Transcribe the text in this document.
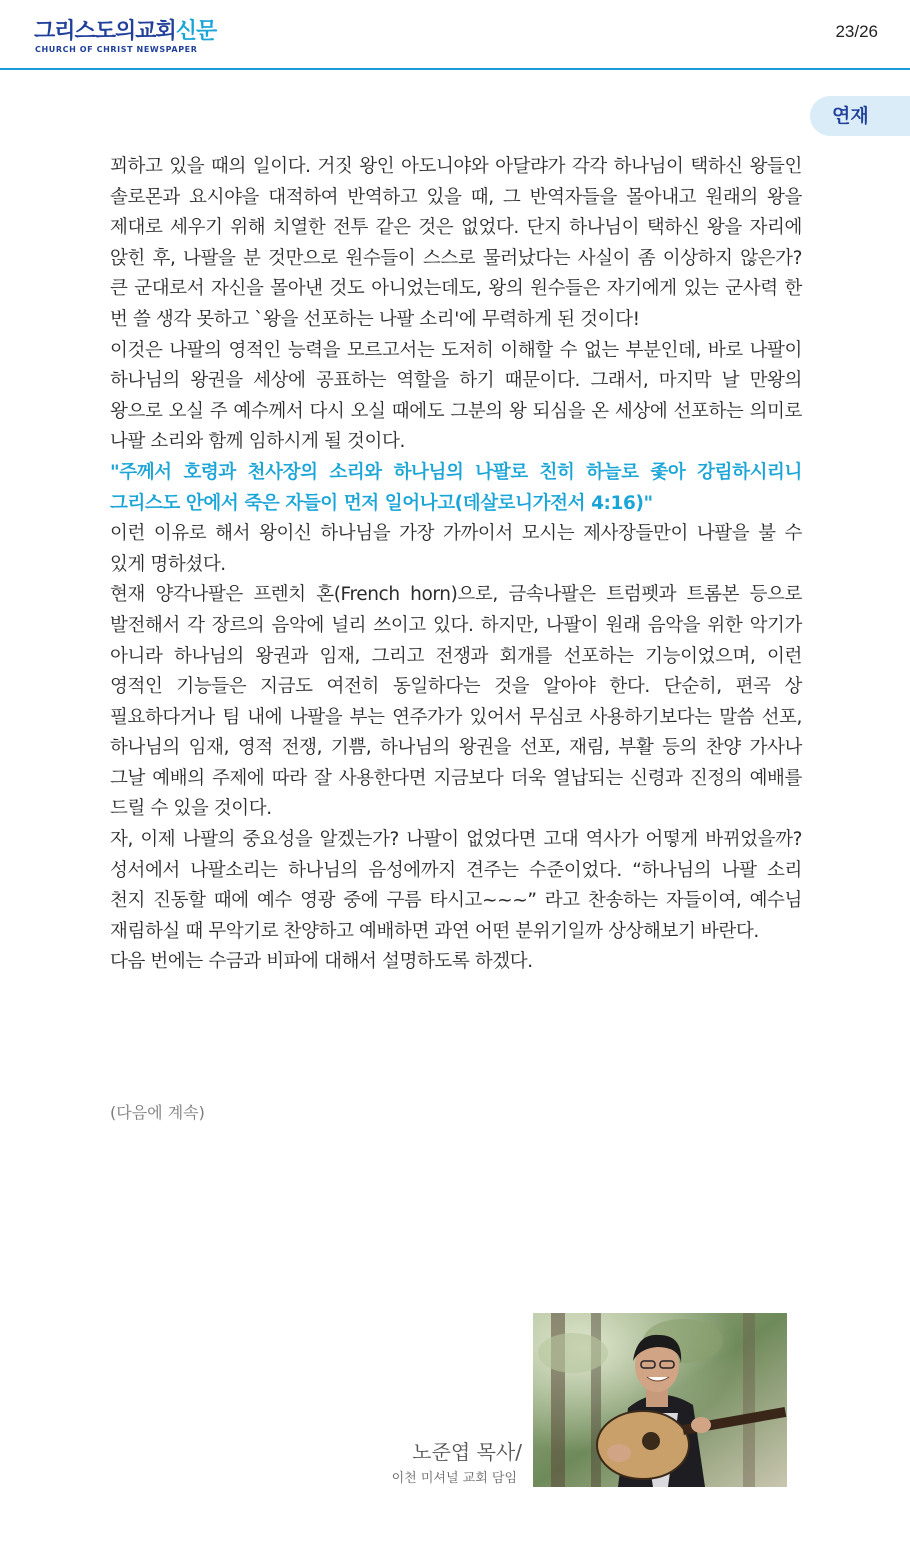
그리스도의교회신문
CHURCH OF CHRIST NEWSPAPER
23/26
연재

꾀하고 있을 때의 일이다. 거짓 왕인 아도니야와 아달랴가 각각 하나님이 택하신 왕들인 솔로몬과 요시야을 대적하여 반역하고 있을 때, 그 반역자들을 몰아내고 원래의 왕을 제대로 세우기 위해 치열한 전투 같은 것은 없었다. 단지 하나님이 택하신 왕을 자리에 앉힌 후, 나팔을 분 것만으로 원수들이 스스로 물러났다는 사실이 좀 이상하지 않은가? 큰 군대로서 자신을 몰아낸 것도 아니었는데도, 왕의 원수들은 자기에게 있는 군사력 한 번 쓸 생각 못하고 `왕을 선포하는 나팔 소리'에 무력하게 된 것이다!

이것은 나팔의 영적인 능력을 모르고서는 도저히 이해할 수 없는 부분인데, 바로 나팔이 하나님의 왕권을 세상에 공표하는 역할을 하기 때문이다. 그래서, 마지막 날 만왕의 왕으로 오실 주 예수께서 다시 오실 때에도 그분의 왕 되심을 온 세상에 선포하는 의미로 나팔 소리와 함께 임하시게 될 것이다.

"주께서 호령과 천사장의 소리와 하나님의 나팔로 친히 하늘로 좇아 강림하시리니 그리스도 안에서 죽은 자들이 먼저 일어나고(데살로니가전서 4:16)"

이런 이유로 해서 왕이신 하나님을 가장 가까이서 모시는 제사장들만이 나팔을 불 수 있게 명하셨다.

현재 양각나팔은 프렌치 혼(French horn)으로, 금속나팔은 트럼펫과 트롬본 등으로 발전해서 각 장르의 음악에 널리 쓰이고 있다. 하지만, 나팔이 원래 음악을 위한 악기가 아니라 하나님의 왕권과 임재, 그리고 전쟁과 회개를 선포하는 기능이었으며, 이런 영적인 기능들은 지금도 여전히 동일하다는 것을 알아야 한다. 단순히, 편곡 상 필요하다거나 팀 내에 나팔을 부는 연주가가 있어서 무심코 사용하기보다는 말씀 선포, 하나님의 임재, 영적 전쟁, 기쁨, 하나님의 왕권을 선포, 재림, 부활 등의 찬양 가사나 그날 예배의 주제에 따라 잘 사용한다면 지금보다 더욱 열납되는 신령과 진정의 예배를 드릴 수 있을 것이다.

자, 이제 나팔의 중요성을 알겠는가? 나팔이 없었다면 고대 역사가 어떻게 바뀌었을까? 성서에서 나팔소리는 하나님의 음성에까지 견주는 수준이었다. “하나님의 나팔 소리 천지 진동할 때에 예수 영광 중에 구름 타시고~~~” 라고 찬송하는 자들이여, 예수님 재림하실 때 무악기로 찬양하고 예배하면 과연 어떤 분위기일까 상상해보기 바란다.

다음 번에는 수금과 비파에 대해서 설명하도록 하겠다.

(다음에 계속)
노준엽 목사/
이천 미셔널 교회 담임
